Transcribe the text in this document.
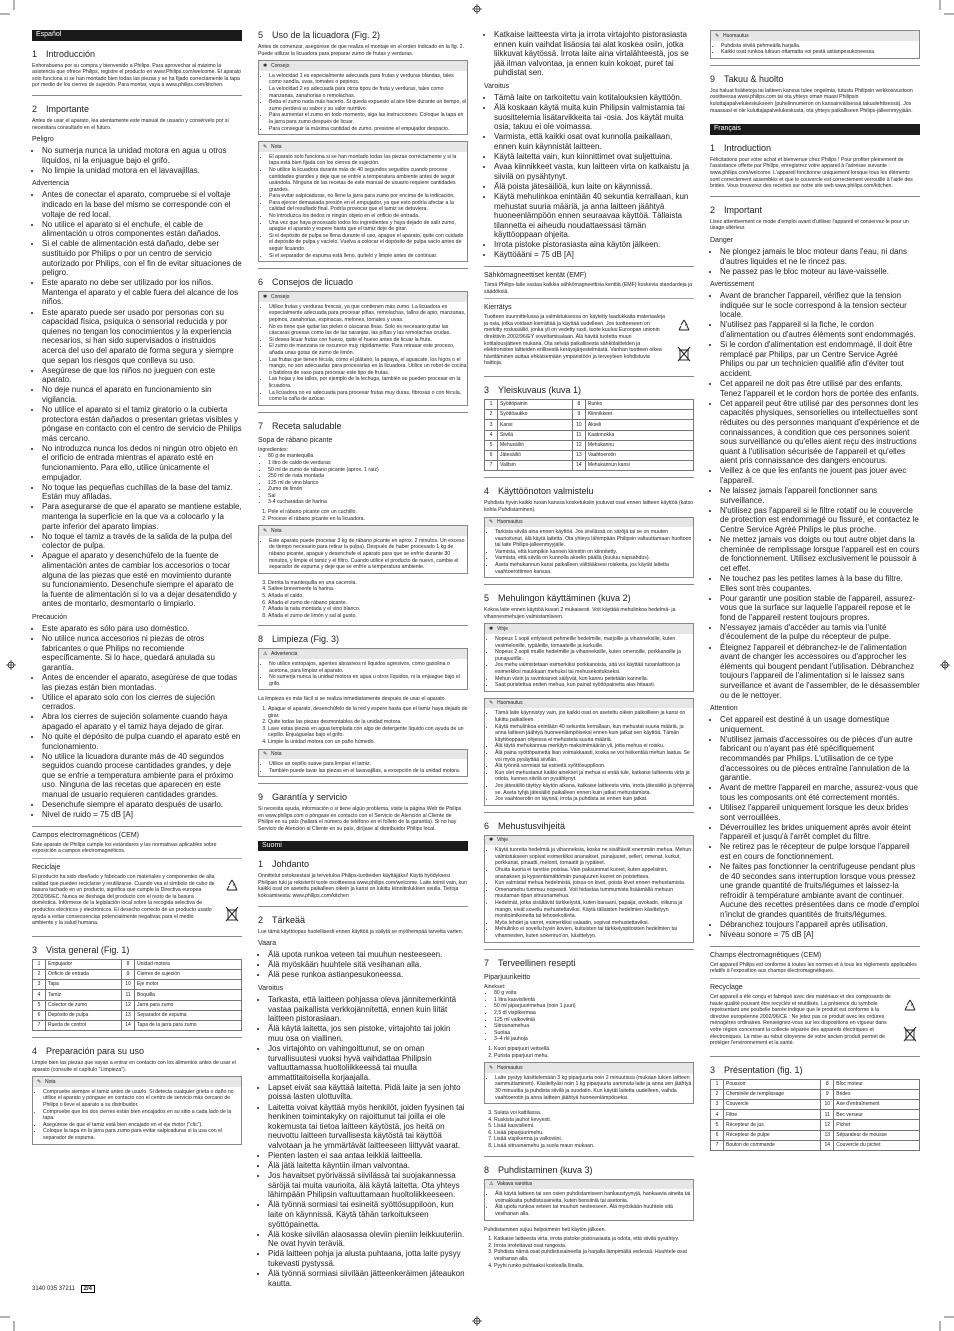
Español
1 Introducción

Enhorabuena por su compra y bienvenido a Philips. Para aprovechar al máximo la asistencia que ofrece Philips, registre el producto en www.Philips.com/welcome. El aparato solo funciona si se han montado bien todas las piezas y se ha fijado correctamente la tapa por medio de los cierres de sujeción. Para montar, vaya a www.philips.com/kitchen.

2 Importante

Antes de usar el aparato, lea atentamente este manual de usuario y consérvelo por si necesitara consultarlo en el futuro.

Peligro
• No sumerja nunca la unidad motora en agua u otros líquidos, ni la enjuague bajo el grifo.
• No limpie la unidad motora en el lavavajillas.
Advertencia
• Antes de conectar el aparato, compruebe si el voltaje indicado en la base del mismo se corresponde con el voltaje de red local.
• No utilice el aparato si el enchufe, el cable de alimentación u otros componentes están dañados.
• Si el cable de alimentación está dañado, debe ser sustituido por Philips o por un centro de servicio autorizado por Philips, con el fin de evitar situaciones de peligro.
• Este aparato no debe ser utilizado por los niños. Mantenga el aparato y el cable fuera del alcance de los niños.
• Este aparato puede ser usado por personas con su capacidad física, psíquica o sensorial reducida y por quienes no tengan los conocimientos y la experiencia necesarios, si han sido supervisados o instruidos acerca del uso del aparato de forma segura y siempre que sepan los riesgos que conlleva su uso.
• Asegúrese de que los niños no jueguen con este aparato.
• No deje nunca el aparato en funcionamiento sin vigilancia.
• No utilice el aparato si el tamiz giratorio o la cubierta protectora están dañados o presentan grietas visibles y póngase en contacto con el centro de servicio de Philips más cercano.
• No introduzca nunca los dedos ni ningún otro objeto en el orificio de entrada mientras el aparato esté en funcionamiento. Para ello, utilice únicamente el empujador.
• No toque las pequeñas cuchillas de la base del tamiz. Están muy afiladas.
• Para asegurarse de que el aparato se mantiene estable, mantenga la superficie en la que va a colocarlo y la parte inferior del aparato limpias.
• No toque el tamiz a través de la salida de la pulpa del colector de pulpa.
• Apague el aparato y desenchúfelo de la fuente de alimentación antes de cambiar los accesorios o tocar alguna de las piezas que esté en movimiento durante su funcionamiento. Desenchufe siempre el aparato de la fuente de alimentación si lo va a dejar desatendido y antes de montarlo, desmontarlo o limpiarlo.
Precaución
• Este aparato es sólo para uso doméstico.
• No utilice nunca accesorios ni piezas de otros fabricantes o que Philips no recomiende específicamente. Si lo hace, quedará anulada su garantía.
• Antes de encender el aparato, asegúrese de que todas las piezas están bien montadas.
• Utilice el aparato solo con los cierres de sujeción cerrados.
• Abra los cierres de sujeción solamente cuando haya apagado el aparato y el tamiz haya dejado de girar.
• No quite el depósito de pulpa cuando el aparato esté en funcionamiento.
• No utilice la licuadora durante más de 40 segundos seguidos cuando procese cantidades grandes, y deje que se enfríe a temperatura ambiente para el próximo uso. Ninguna de las recetas que aparecen en este manual de usuario requieren cantidades grandes.
• Desenchufe siempre el aparato después de usarlo.
• Nivel de ruido = 75 dB [A]
Campos electromagnéticos (CEM)

Este aparato de Philips cumple los estándares y las normativas aplicables sobre exposición a campos electromagnéticos.

Reciclaje

El producto ha sido diseñado y fabricado con materiales y componentes de alta calidad que pueden reciclarse y reutilizarse. Cuando vea el símbolo de cubo de basura tachado en un producto, significa que cumple la Directiva europea 2002/96/EC. Nunca se deshaga del producto con el resto de la basura doméstica. Infórmese de la legislación local sobre la recogida selectiva de productos eléctricos y electrónicos. El desecho correcto de un producto usado ayuda a evitar consecuencias potencialmente negativas para el medio ambiente y la salud humana.

3 Vista general (Fig. 1)
1	Empujador	8	Unidad motora
2	Orificio de entrada	9	Cierres de sujeción
3	Tapa	10	Eje motor
4	Tamiz	11	Boquilla
5	Colector de zumo	12	Jarra para zumo
6	Depósito de pulpa	13	Separador de espuma
7	Rueda de control	14	Tapa de la jarra para zumo
4 Preparación para su uso

Limpie bien las piezas que vayan a entrar en contacto con los alimentos antes de usar el aparato (consulte el capítulo "Limpieza").

✎ Nota
• Compruebe siempre el tamiz antes de usarlo. Si detecta cualquier grieta o daño no utilice el aparato y póngase en contacto con el centro de servicio más cercano de Philips o lleve el aparato a su distribuidor.
• Compruebe que los dos cierres están bien encajados en su sitio a cada lado de la tapa.
• Asegúrese de que el tamiz está bien encajado en el eje motor ("clic").
• Coloque la tapa en la jarra para zumo para evitar salpicaduras si la usa con el separador de espuma.
5 Uso de la licuadora (Fig. 2)

Antes de comenzar, asegúrese de que realiza el montaje en el orden indicado en la fig. 2. Puede utilizar la licuadora para preparar zumo de frutas y verduras.

✱ Consejo
• La velocidad 1 es especialmente adecuada para frutas y verduras blandas, tales como sandía, uvas, tomates o pepinos.
• La velocidad 2 es adecuada para otros tipos de fruta y verduras, tales como manzanas, zanahorias o remolachas.
• Beba el zumo nada más hacerlo. Si queda expuesto al aire libre durante un tiempo, el zumo perderá su sabor y su valor nutritivo.
• Para aumentar el zumo en todo momento, siga las instrucciones. Coloque la tapa en la jarra para zumo después de licuar.
• Para conseguir la máxima cantidad de zumo, presione el empujador despacio.
✎ Nota
• El aparato solo funciona si se han montado todas las piezas correctamente y si la tapa está bien fijada con los cierres de sujeción.
• No utilice la licuadora durante más de 40 segundos seguidos cuando procese cantidades grandes y deje que se enfríe a temperatura ambiente antes de seguir usándola. Ninguna de las recetas de este manual de usuario requiere cantidades grandes.
• Para evitar salpicaduras, no llene la jarra para zumo por encima de la indicación.
• Para ejercer demasiada presión en el empujador, ya que esto podría afectar a la calidad del resultado final. Podría provocar que el tamiz se detuviera.
• No introduzca los dedos ni ningún objeto en el orificio de entrada.
• Una vez que haya procesado todos los ingredientes y haya dejado de salir zumo, apague el aparato y espere hasta que el tamiz deje de girar.
• Si el depósito de pulpa se llena durante el uso, apague el aparato, quite con cuidado el depósito de pulpa y vacíelo. Vuelva a colocar el depósito de pulpa vacío antes de seguir licuando.
• Si el separador de espuma está lleno, quítelo y limpie antes de continuar.
6 Consejos de licuado
✱ Consejo
• Utilice frutas y verduras frescas, ya que contienen más zumo. La licuadora es especialmente adecuada para procesar piñas, remolachas, tallos de apio, manzanas, pepinos, zanahorias, espinacas, melones, tomates y uvas.
• No es tiene que quitar las pieles o cáscaras finas. Solo es necesario quitar las cáscaras gruesas como las de las naranjas, las piñas y las remolachas crudas.
• Si desea licuar frutas con hueso, quite el hueso antes de licuar la fruta.
• El zumo de manzana se oscurece muy rápidamente. Para retrasar este proceso, añada unas gotas de zumo de limón.
• Las frutas que tienen fécula, como el plátano, la papaya, el aguacate, los higos o el mango, no son adecuadas para procesarlas en la licuadora. Utilice un robot de cocina o batidora de vaso para procesar este tipo de frutas.
• Las hojas y los tallos, por ejemplo de la lechuga, también se pueden procesar en la licuadora.
• La licuadora no es adecuada para procesar frutas muy duras, fibrosas o con fécula, como la caña de azúcar.
7 Receta saludable
Sopa de rábano picante

Ingredientes:

• 80 g de mantequilla
• 1 litro de caldo de verduras
• 50 ml de zumo de rábano picante (aprox. 1 raíz)
• 250 ml de nata montada
• 125 ml de vino blanco
• Zumo de limón
• Sal
• 3-4 cucharadas de harina
1. Pele el rábano picante con un cuchillo.
2. Procese el rábano picante en la licuadora.
✎ Nota
• Este aparato puede procesar 3 kg de rábano picante en aprox. 2 minutos. Un exceso de tiempo necesario para retirar la pulpa). Después de haber procesado 1 kg de rábano picante, apague y desenchufe el aparato para que se enfríe durante 30 minutos, y limpie el tamiz y el filtro. Cuando utilice el producto de nuevo, cambie el separador de espuma y deje que se enfríe a temperatura ambiente.
3. Derrita la mantequilla en una cacerola.
4. Saltee brevemente la harina.
5. Añada el caldo.
6. Añada el zumo de rábano picante.
7. Añada la nata montada y el vino blanco.
8. Añada el zumo de limón y sal al gusto.
8 Limpieza (Fig. 3)
⚠ Advertencia
• No utilice estropajos, agentes abrasivos ni líquidos agresivos, como gasolina o acetona, para limpiar el aparato.
• No sumerja nunca la unidad motora en agua u otros líquidos, ni la enjuague bajo el grifo.

La limpieza es más fácil si se realiza inmediatamente después de usar el aparato.

1. Apague el aparato, desenchúfelo de la red y espere hasta que el tamiz haya dejado de girar.
2. Quite todas las piezas desmontables de la unidad motora.
3. Lave estas piezas en agua templada con algo de detergente líquido con ayuda de un cepillo. Enjuáguelas bajo el grifo.
4. Limpie la unidad motora con un paño húmedo.
✎ Nota
• Utilice un cepillo suave para limpiar el tamiz.
• También puede lavar las piezas en el lavavajillas, a excepción de la unidad motora.
9 Garantía y servicio

Si necesita ayuda, información o si tiene algún problema, visite la página Web de Philips en www.philips.com o póngase en contacto con el Servicio de Atención al Cliente de Philips en su país (hallará el número de teléfono en el folleto de la garantía). Si no hay Servicio de Atención al Cliente en su país, diríjase al distribuidor Philips local.

Suomi
1 Johdanto

Onnittelut ostoksestasi ja tervetuloa Philips-tuotteiden käyttäjäksi! Käytä hyödyksesi Philipsin tuki ja rekisteröi tuote osoitteessa www.philips.com/welcome. Laite toimii vain, kun kaikki osat on asetettu paikalleen oikein ja kansi on lukittu kiinnitinlukkien avulla. Tietoja kokoamisesta: www.philips.com/kitchen

2 Tärkeää

Lue tämä käyttöopas huolellisesti ennen käyttöä ja säilytä se myöhempää tarvetta varten.

Vaara
• Älä upota runkoa veteen tai muuhun nesteeseen.
• Älä myöskään huuhtele sitä vesihanan alla.
• Älä pese runkoa astianpesukoneessa.
Varoitus
• Tarkasta, että laitteen pohjassa oleva jännitemerkintä vastaa paikallista verkkojännitettä, ennen kuin liität laitteen pistorasiaan.
• Älä käytä laitetta, jos sen pistoke, virtajohto tai jokin muu osa on viallinen.
• Jos virtajohto on vahingoittunut, se on oman turvallisuutesi vuoksi hyvä vaihdattaa Philipsin valtuuttamassa huoltoliikkeessä tai muulla ammattitaitoisella korjaajalla.
• Lapset eivät saa käyttää laitetta. Pidä laite ja sen johto poissa lasten ulottuvilta.
• Laitetta voivat käyttää myös henkilöt, joiden fyysinen tai henkinen toimintakyky on rajoittunut tai joilla ei ole kokemusta tai tietoa laitteen käytöstä, jos heitä on neuvottu laitteen turvallisesta käytöstä tai käyttöä valvotaan ja he ymmärtävät laitteeseen liittyvät vaarat.
• Pienten lasten ei saa antaa leikkiä laitteella.
• Älä jätä laitetta käyntiin ilman valvontaa.
• Jos havaitset pyörivässä siivilässä tai suojakannessa säröjä tai muita vaurioita, älä käytä laitetta. Ota yhteys lähimpään Philipsin valtuuttamaan huoltoliikkeeseen.
• Älä työnnä sormiasi tai esineitä syöttösuppiloon, kun laite on käynnissä. Käytä tähän tarkoitukseen syöttöpainetta.
• Älä koske siivilän alaosassa oleviin pieniin leikkuuteriin. Ne ovat hyvin teräviä.
• Pidä laitteen pohja ja alusta puhtaana, jotta laite pysyy tukevasti pystyssä.
• Älä työnnä sormiasi siivilään jätteenkeräimen jäteaukon kautta.
• Katkaise laitteesta virta ja irrota virtajohto pistorasiasta ennen kuin vaihdat lisäosia tai alat koskea osiin, jotka liikkuvat käytössä. Irrota laite aina virtalähteestä, jos se jää ilman valvontaa, ja ennen kuin kokoat, puret tai puhdistat sen.
Varoitus
• Tämä laite on tarkoitettu vain kotitalouksien käyttöön.
• Älä koskaan käytä muita kuin Philipsin valmistamia tai suosittelemia lisätarvikkeita tai -osia. Jos käytät muita osia, takuu ei ole voimassa.
• Varmista, että kaikki osat ovat kunnolla paikallaan, ennen kuin käynnistät laitteen.
• Käytä laitetta vain, kun kiinnittimet ovat suljettuina.
• Avaa kiinnikkeet vasta, kun laitteen virta on katkaistu ja siivilä on pysähtynyt.
• Älä poista jätesäiliöä, kun laite on käynnissä.
• Käytä mehulinkoa enintään 40 sekuntia kerrallaan, kun mehustat suuria määriä, ja anna laitteen jäähtyä huoneenlämpöön ennen seuraavaa käyttöä. Tällaista tilannetta ei aiheudu noudattaessasi tämän käyttöoppaan ohjeita.
• Irrota pistoke pistorasiasta aina käytön jälkeen.
• Käyttöääni = 75 dB [A]
Sähkömagneettiset kentät (EMF)

Tämä Philips-laite vastaa kaikkia sähkömagneettisia kenttiä (EMF) koskevia standardeja ja säädöksiä.

Kierrätys

Tuotteen suunnittelussa ja valmistuksessa on käytetty laadukkaita materiaaleja ja osia, jotka voidaan kierrättää ja käyttää uudelleen. Jos tuotteeseen on merkitty roskasäiliö, jonka yli on vedetty rasti, tuote kuuluu Euroopan unionin direktiivin 2002/96/EY soveltamisalaan. Älä hävitä tuotetta muun kotitalousjätteen mukana. Ota selvää paikallisesta sähkölaitteiden ja elektronisten laitteiden erillisestä keräysjärjestelmästä. Vanhan tuotteen oikea hävittäminen auttaa ehkäisemään ympäristöön ja terveyteen kohdistuvia haittoja.

3 Yleiskuvaus (kuva 1)
1	Syöttöpainin	8	Runko
2	Syöttöaukko	9	Kiinnikkeet
3	Kansi	10	Akseli
4	Siivilä	11	Kaatonokka
5	Mehusäiliö	12	Mehukannu
6	Jätesäiliö	13	Vaahtoerotin
7	Valitsin	14	Mehukannun kansi
4 Käyttöönoton valmistelu

Puhdista hyvin kaikki ruoan kanssa kosketuksiin joutuvat osat ennen laitteen käyttöä (katso kohta Puhdistaminen).

✎ Huomautus
• Tarkista siivilä aina ennen käyttöä. Jos siivilässä on säröjä tai se on muuten vaurioitunut, älä käytä laitetta. Ota yhteys lähimpään Philipsin valtuuttamaan huoltoon tai laite Philips-jälleenmyyjälle.
• Varmista, että kumpikin kannen kiinnitin on kiinnitetty.
• Varmista, että siivilä on kunnolla akselin päällä (kuuluu napsahdus).
• Aseta mehukannun kansi paikalleen välttääksesi roiskeita, jos käytät laitetta vaahtoerottimen kanssa.
5 Mehulingon käyttäminen (kuva 2)

Kokoa laite ennen käyttöä kuvan 2 mukaisesti. Voit käyttää mehulinkoa hedelmä- ja vihannesmehujen valmistamiseen.

✱ Vihje
• Nopeus 1 sopii erityisesti pehmeille hedelmille, marjoille ja vihanneksille, kuten vesimelonille, rypäleille, tomaateille ja kurkuille.
• Nopeus 2 sopii muille hedelmille ja vihanneksille, kuten omenoille, porkkanoille ja punajuurille.
• Jos mehu valmistetaan esimerkiksi porkkanoista, sitä voi käyttää ruoanlaittoon ja esimerkiksi maukkaan mehuksi tai mehusekoitukseksi.
• Mehun värin ja ravintoarvot säilyvät, kun kannu peitetään kannella.
• Saat puristettua eniten mehua, kun painat syöttöpainetta alas hitaasti.
✎ Huomautus
• Tämä laite käynnistyy vain, jos kaikki osat on asetettu oikein paikoilleen ja kansi on lukittu paikalleen.
• Käytä mehulinkoa enintään 40 sekuntia kerrallaan, kun mehustat suuria määriä, ja anna laitteen jäähtyä huoneenlämpöiseksi ennen kuin jatkat sen käyttöä. Tämän käyttöoppaan ohjeissa ei mehusteta suuria määriä.
• Älä täytä mehukannua merkityn maksimimäärän yli, jotta mehua ei roisku.
• Älä paina syöttöpainetta liian voimakkaasti, koska se voi heikentää mehun laatua. Se voi myös pysäyttää siivilän.
• Älä työnnä sormiasi tai esineitä syöttösuppiloon.
• Kun olet mehustanut kaikki ainekset ja mehua ei enää tule, katkaise laitteesta virta ja odota, kunnes siivilä on pysähtynyt.
• Jos jätesäiliö täyttyy käytön aikana, katkaise laitteesta virta, irrota jätesäiliö ja tyhjennä se. Aseta tyhjä jätesäiliö paikalleen ennen kuin jatkat mehustamista.
• Jos vaahtoerotin on täynnä, irrota ja puhdista se ennen kuin jatkat.
6 Mehustusvihjeitä
✱ Vihje
• Käytä tuoreita hedelmiä ja vihanneksia, koska ne sisältävät enemmän mehua. Mehun valmistukseen sopivat esimerkiksi ananakset, punajuuret, selleri, omenat, kurkut, porkkanat, pinaatti, melonit, tomaatit ja rypäleet.
• Ohuita kuoria ei tarvitse poistaa. Vain paksummat kuoret, kuten appelsiinin, ananaksen ja kypsentämättömän punajuuren kuoret on poistettava.
• Kun valmistat mehua hedelmistä, joissa on kivet, poista kivet ennen mehustamista.
• Omenamehu tummuu nopeasti. Voit hidastaa tummumista lisäämällä mehuun muutaman tipan sitruunamehua.
• Hedelmät, jotka sisältävät tärkkelystä, kuten banaani, papaija, avokado, viikuna ja mango, eivät sovellu mehustettaviksi. Käytä tällaisten hedelmien käsittelyyn monitoimikonetta tai tehosekoitinta.
• Myös lehdet ja varret, esimerkiksi salaatin, sopivat mehustettaviksi.
• Mehulinko ei sovellu hyvin kovien, kuituisten tai tärkkelyspitoisten hedelmien tai vihannesten, kuten sokeriruo'on, käsittelyyn.
7 Terveellinen resepti
Piparjuurikeitto

Ainekset:

• 80 g voita
• 1 litra kasvislientä
• 50 ml piparjuurimehua (noin 1 juuri)
• 2,5 dl vispikermaa
• 125 ml valkoviiniä
• Sitruunamehua
• Suolaa
• 3–4 rkl jauhoja
1. Kuori piparjuuri veitsellä.
2. Purista piparjuuri mehu.
✎ Huomautus
• Laite pystyy käsittelemään 3 kg piparjuurta noin 2 minuutissa (mukaan lukien laitteen sammuttaminen). Käsiteltyäsi noin 1 kg piparjuurta sammuta laite ja anna sen jäähtyä 30 minuuttia ja puhdista siivilä ja suodatin. Kun käytät laitetta uudelleen, vaihda vaahtoerotin ja anna laitteen jäähtyä huoneenlämpöiseksi.
3. Sulata voi kattilassa.
4. Ruskista jauhot kevyesti.
5. Lisää kasvisliemi.
6. Lisää piparjuurimehu.
7. Lisää vispikerma ja valkoviini.
8. Lisää sitruunamehu ja suola maun mukaan.
8 Puhdistaminen (kuva 3)
⚠ Vakava varoitus
• Älä käytä laitteen tai sen osien puhdistamiseen hankaustyynyjä, hankaavia aineita tai voimakkaita puhdistusaineita, kuten bensiiniä tai asetonia.
• Älä upota runkoa veteen tai muuhun nesteeseen. Älä myöskään huuhtele sitä vesihanan alla.

Puhdistaminen sujuu helpoimmin heti käytön jälkeen.

1. Katkaise laitteesta virta, irrota pistoke pistorasiasta ja odota, että siivilä pysähtyy.
2. Irrota irrotettavat osat rungosta.
3. Puhdista nämä osat puhdistusaineella ja harjalla lämpimällä vedessä. Huuhtele osat vesihanan alla.
4. Pyyhi runko puhtaaksi kostealla liinalla.
✎ Huomautus
• Puhdista siivilä pehmeällä harjalla.
• Kaikki osat runkoa lukuun ottamatta voi pestä astianpesukoneessa.
9 Takuu & huolto

Jos haluat lisätietoja tai laitteen kanssa tulee ongelmia, tutustu Philipsin verkkosivustoon osoitteessa www.philips.com tai ota yhteys oman maasi Philipsin kuluttajapalvelukeskukseen (puhelinnumeron on kansainvälisessä takuulehtisessä). Jos maassasi ei ole kuluttajapalvelukeskusta, ota yhteys paikalliseen Philips-jälleenmyyjään.

Français
1 Introduction

Félicitations pour votre achat et bienvenue chez Philips ! Pour profiter pleinement de l'assistance offerte par Philips, enregistrez votre appareil à l'adresse suivante : www.philips.com/welcome. L'appareil fonctionne uniquement lorsque tous les éléments sont correctement assemblés et que le couvercle est correctement verrouillé à l'aide des brides. Vous trouverez des recettes sur notre site web www.philips.com/kitchen.

2 Important

Lisez attentivement ce mode d'emploi avant d'utiliser l'appareil et conservez-le pour un usage ultérieur.

Danger
• Ne plongez jamais le bloc moteur dans l'eau, ni dans d'autres liquides et ne le rincez pas.
• Ne passez pas le bloc moteur au lave-vaisselle.
Avertissement
• Avant de brancher l'appareil, vérifiez que la tension indiquée sur le socle correspond à la tension secteur locale.
• N'utilisez pas l'appareil si la fiche, le cordon d'alimentation ou d'autres éléments sont endommagés.
• Si le cordon d'alimentation est endommagé, il doit être remplacé par Philips, par un Centre Service Agréé Philips ou par un technicien qualifié afin d'éviter tout accident.
• Cet appareil ne doit pas être utilisé par des enfants. Tenez l'appareil et le cordon hors de portée des enfants.
• Cet appareil peut être utilisé par des personnes dont les capacités physiques, sensorielles ou intellectuelles sont réduites ou des personnes manquant d'expérience et de connaissances, à condition que ces personnes soient sous surveillance ou qu'elles aient reçu des instructions quant à l'utilisation sécurisée de l'appareil et qu'elles aient pris connaissance des dangers encourus.
• Veillez à ce que les enfants ne jouent pas jouer avec l'appareil.
• Ne laissez jamais l'appareil fonctionner sans surveillance.
• N'utilisez pas l'appareil si le filtre rotatif ou le couvercle de protection est endommagé ou fissuré, et contactez le Centre Service Agréé Philips le plus proche.
• Ne mettez jamais vos doigts ou tout autre objet dans la cheminée de remplissage lorsque l'appareil est en cours de fonctionnement. Utilisez exclusivement le poussoir à cet effet.
• Ne touchez pas les petites lames à la base du filtre. Elles sont très coupantes.
• Pour garantir une position stable de l'appareil, assurez-vous que la surface sur laquelle l'appareil repose et le fond de l'appareil restent toujours propres.
• N'essayez jamais d'accéder au tamis via l'unité d'écoulement de la pulpe du récepteur de pulpe.
• Éteignez l'appareil et débranchez-le de l'alimentation avant de changer les accessoires ou d'approcher les éléments qui bougent pendant l'utilisation. Débranchez toujours l'appareil de l'alimentation si le laissez sans surveillance et avant de l'assembler, de le désassembler ou de le nettoyer.
Attention
• Cet appareil est destiné à un usage domestique uniquement.
• N'utilisez jamais d'accessoires ou de pièces d'un autre fabricant ou n'ayant pas été spécifiquement recommandés par Philips. L'utilisation de ce type d'accessoires ou de pièces entraîne l'annulation de la garantie.
• Avant de mettre l'appareil en marche, assurez-vous que tous les composants ont été correctement montés.
• Utilisez l'appareil uniquement lorsque les deux brides sont verrouillées.
• Déverrouillez les brides uniquement après avoir éteint l'appareil et jusqu'à l'arrêt complet du filtre.
• Ne retirez pas le récepteur de pulpe lorsque l'appareil est en cours de fonctionnement.
• Ne faites pas fonctionner la centrifugeuse pendant plus de 40 secondes sans interruption lorsque vous pressez une grande quantité de fruits/légumes et laissez-la refroidir à température ambiante avant de continuer. Aucune des recettes présentées dans ce mode d'emploi n'inclut de grandes quantités de fruits/légumes.
• Débranchez toujours l'appareil après utilisation.
• Niveau sonore = 75 dB [A]
Champs électromagnétiques (CEM)

Cet appareil Philips est conforme à toutes les normes et à tous les règlements applicables relatifs à l'exposition aux champs électromagnétiques.

Recyclage

Cet appareil a été conçu et fabriqué avec des matériaux et des composants de haute qualité pouvant être recyclés et réutilisés. La présence du symbole représentant une poubelle barrée indique que le produit est conforme à la directive européenne 2002/96/CE : Ne jetez pas ce produit avec les ordures ménagères ordinaires. Renseignez-vous sur les dispositions en vigueur dans votre région concernant la collecte séparée des appareils électriques et électroniques. La mise au rebut citoyenne de votre ancien produit permet de protéger l'environnement et la santé.

3 Présentation (fig. 1)
1	Poussoir	8	Bloc moteur
2	Cheminée de remplissage	9	Brides
3	Couvercle	10	Axe d'entraînement
4	Filtre	11	Bec verseur
5	Récepteur de jus	12	Pichet
6	Récepteur de pulpe	13	Séparateur de mousse
7	Bouton de commande	14	Couvercle du pichet
3140 035 37211 2/4
